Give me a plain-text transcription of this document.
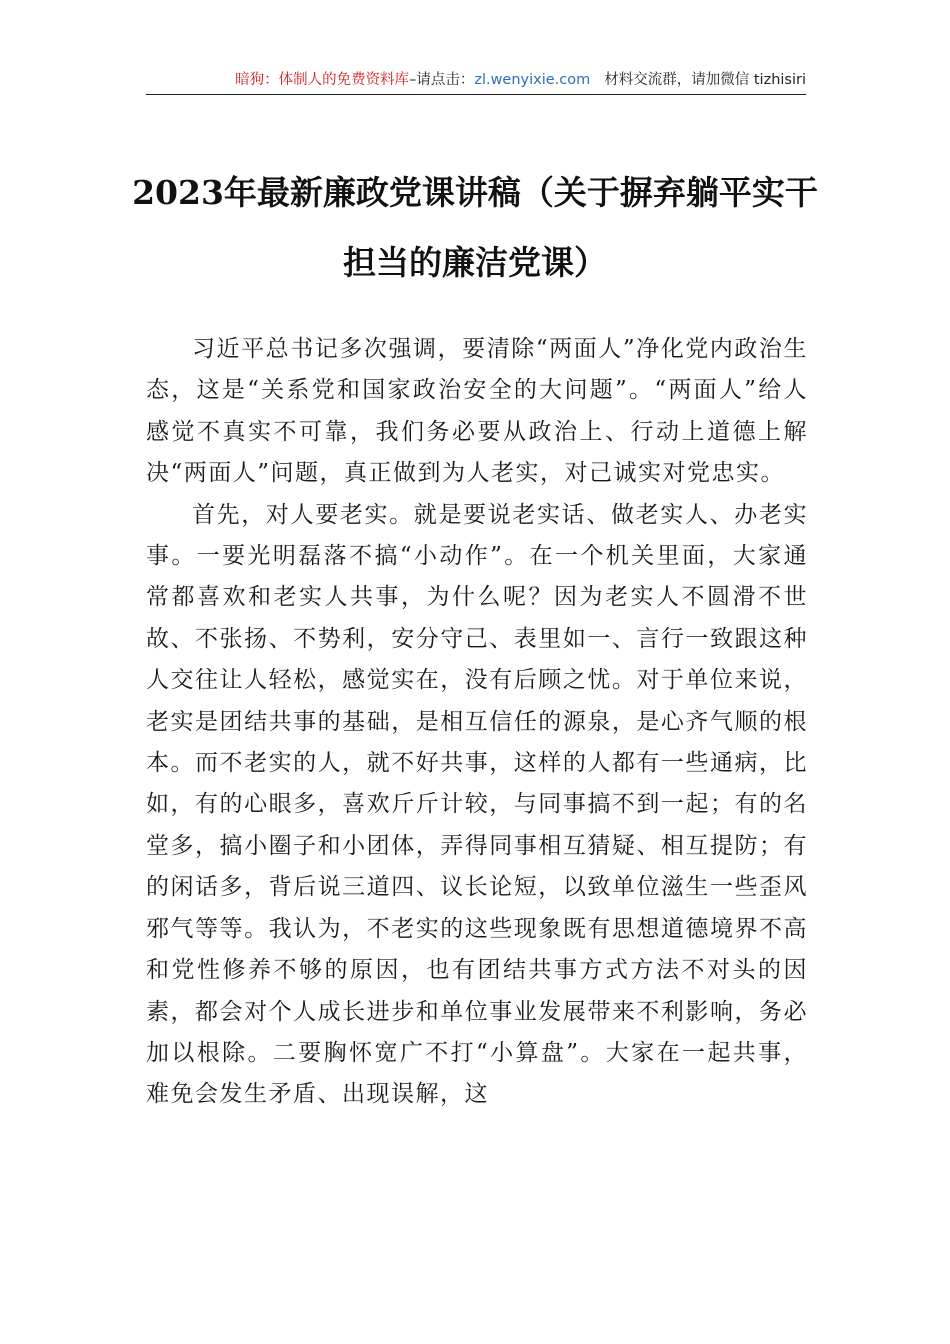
暗狗：体制人的免费资料库–请点击：zl.wenyixie.com 材料交流群，请加微信 tizhisiri
2023年最新廉政党课讲稿（关于摒弃躺平实干担当的廉洁党课）

习近平总书记多次强调，要清除“两面人”净化党内政治生态，这是“关系党和国家政治安全的大问题”。“两面人”给人感觉不真实不可靠，我们务必要从政治上、行动上道德上解决“两面人”问题，真正做到为人老实，对己诚实对党忠实。

首先，对人要老实。就是要说老实话、做老实人、办老实事。一要光明磊落不搞“小动作”。在一个机关里面，大家通常都喜欢和老实人共事，为什么呢？因为老实人不圆滑不世故、不张扬、不势利，安分守己、表里如一、言行一致跟这种人交往让人轻松，感觉实在，没有后顾之忧。对于单位来说，老实是团结共事的基础，是相互信任的源泉，是心齐气顺的根本。而不老实的人，就不好共事，这样的人都有一些通病，比如，有的心眼多，喜欢斤斤计较，与同事搞不到一起；有的名堂多，搞小圈子和小团体，弄得同事相互猜疑、相互提防；有的闲话多，背后说三道四、议长论短，以致单位滋生一些歪风邪气等等。我认为，不老实的这些现象既有思想道德境界不高和党性修养不够的原因，也有团结共事方式方法不对头的因素，都会对个人成长进步和单位事业发展带来不利影响，务必加以根除。二要胸怀宽广不打“小算盘”。大家在一起共事，难免会发生矛盾、出现误解，这
